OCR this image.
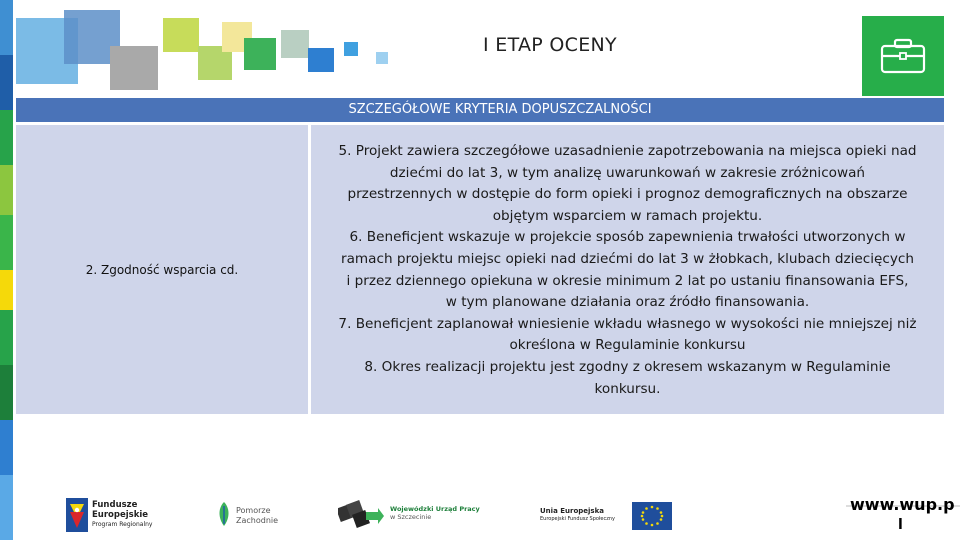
I ETAP OCENY
SZCZEGÓŁOWE KRYTERIA DOPUSZCZALNOŚCI
2. Zgodność wsparcia cd.
5. Projekt zawiera szczegółowe uzasadnienie zapotrzebowania na miejsca opieki nad
dziećmi do lat 3, w tym analizę uwarunkowań w zakresie zróżnicowań
przestrzennych w dostępie do form opieki i prognoz demograficznych na obszarze
objętym wsparciem w ramach projektu.
6. Beneficjent wskazuje w projekcie sposób zapewnienia trwałości utworzonych w
ramach projektu miejsc opieki nad dziećmi do lat 3 w żłobkach, klubach dziecięcych
i przez dziennego opiekuna w okresie minimum 2 lat po ustaniu finansowania EFS,
w tym planowane działania oraz źródło finansowania.
7. Beneficjent zaplanował wniesienie wkładu własnego w wysokości nie mniejszej niż
określona w Regulaminie konkursu
8. Okres realizacji projektu jest zgodny z okresem wskazanym w Regulaminie
konkursu.
Fundusze
Europejskie
Program Regionalny
Pomorze
Zachodnie
Wojewódzki Urząd Pracy
w Szczecinie
Unia Europejska
Europejski Fundusz Społeczny
www.wup.p
l
